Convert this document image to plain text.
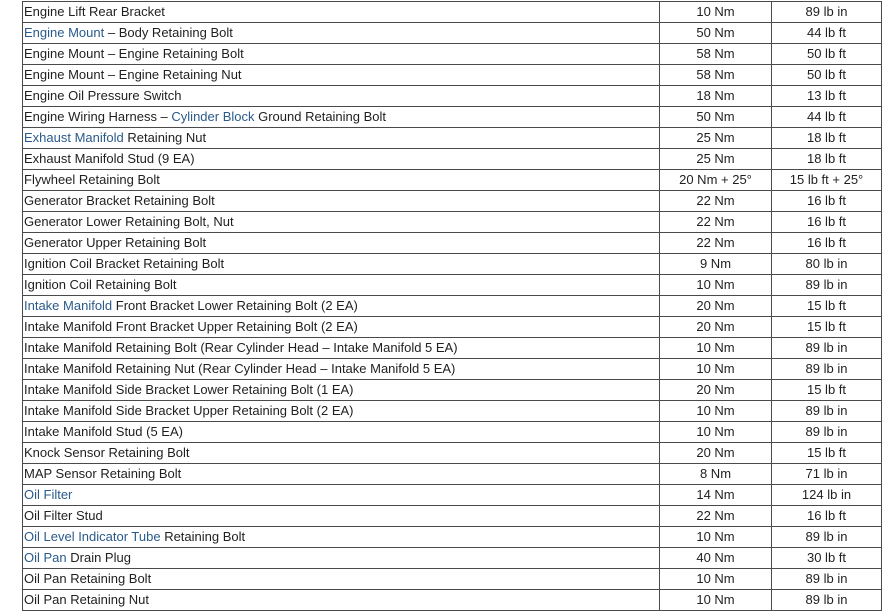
Engine Lift Rear Bracket	10 Nm	89 lb in
Engine Mount – Body Retaining Bolt	50 Nm	44 lb ft
Engine Mount – Engine Retaining Bolt	58 Nm	50 lb ft
Engine Mount – Engine Retaining Nut	58 Nm	50 lb ft
Engine Oil Pressure Switch	18 Nm	13 lb ft
Engine Wiring Harness – Cylinder Block Ground Retaining Bolt	50 Nm	44 lb ft
Exhaust Manifold Retaining Nut	25 Nm	18 lb ft
Exhaust Manifold Stud (9 EA)	25 Nm	18 lb ft
Flywheel Retaining Bolt	20 Nm + 25°	15 lb ft + 25°
Generator Bracket Retaining Bolt	22 Nm	16 lb ft
Generator Lower Retaining Bolt, Nut	22 Nm	16 lb ft
Generator Upper Retaining Bolt	22 Nm	16 lb ft
Ignition Coil Bracket Retaining Bolt	9 Nm	80 lb in
Ignition Coil Retaining Bolt	10 Nm	89 lb in
Intake Manifold Front Bracket Lower Retaining Bolt (2 EA)	20 Nm	15 lb ft
Intake Manifold Front Bracket Upper Retaining Bolt (2 EA)	20 Nm	15 lb ft
Intake Manifold Retaining Bolt (Rear Cylinder Head – Intake Manifold 5 EA)	10 Nm	89 lb in
Intake Manifold Retaining Nut (Rear Cylinder Head – Intake Manifold 5 EA)	10 Nm	89 lb in
Intake Manifold Side Bracket Lower Retaining Bolt (1 EA)	20 Nm	15 lb ft
Intake Manifold Side Bracket Upper Retaining Bolt (2 EA)	10 Nm	89 lb in
Intake Manifold Stud (5 EA)	10 Nm	89 lb in
Knock Sensor Retaining Bolt	20 Nm	15 lb ft
MAP Sensor Retaining Bolt	8 Nm	71 lb in
Oil Filter	14 Nm	124 lb in
Oil Filter Stud	22 Nm	16 lb ft
Oil Level Indicator Tube Retaining Bolt	10 Nm	89 lb in
Oil Pan Drain Plug	40 Nm	30 lb ft
Oil Pan Retaining Bolt	10 Nm	89 lb in
Oil Pan Retaining Nut	10 Nm	89 lb in
